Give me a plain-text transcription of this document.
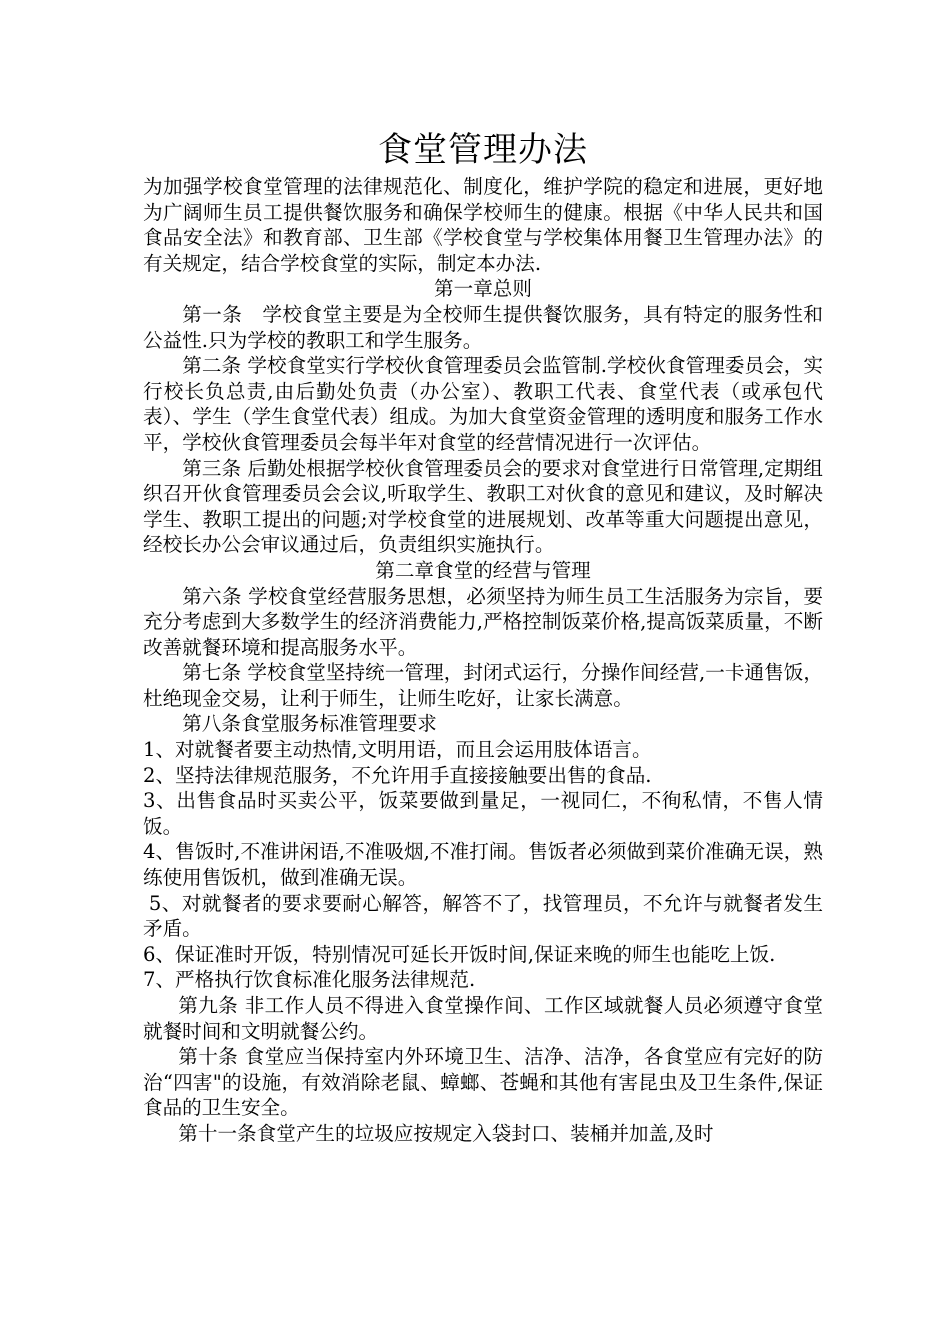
食堂管理办法

为加强学校食堂管理的法律规范化、制度化，维护学院的稳定和进展，更好地为广阔师生员工提供餐饮服务和确保学校师生的健康。根据《中华人民共和国食品安全法》和教育部、卫生部《学校食堂与学校集体用餐卫生管理办法》的有关规定，结合学校食堂的实际，制定本办法.

第一章总则

第一条　学校食堂主要是为全校师生提供餐饮服务，具有特定的服务性和公益性.只为学校的教职工和学生服务。

第二条 学校食堂实行学校伙食管理委员会监管制.学校伙食管理委员会，实行校长负总责,由后勤处负责（办公室）、教职工代表、食堂代表（或承包代表）、学生（学生食堂代表）组成。为加大食堂资金管理的透明度和服务工作水平，学校伙食管理委员会每半年对食堂的经营情况进行一次评估。

第三条 后勤处根据学校伙食管理委员会的要求对食堂进行日常管理,定期组织召开伙食管理委员会会议,听取学生、教职工对伙食的意见和建议，及时解决学生、教职工提出的问题;对学校食堂的进展规划、改革等重大问题提出意见，经校长办公会审议通过后，负责组织实施执行。

第二章食堂的经营与管理

第六条 学校食堂经营服务思想，必须坚持为师生员工生活服务为宗旨，要充分考虑到大多数学生的经济消费能力,严格控制饭菜价格,提高饭菜质量，不断改善就餐环境和提高服务水平。

第七条 学校食堂坚持统一管理，封闭式运行，分操作间经营,一卡通售饭，杜绝现金交易，让利于师生，让师生吃好，让家长满意。

第八条食堂服务标准管理要求

1、对就餐者要主动热情,文明用语，而且会运用肢体语言。

2、坚持法律规范服务，不允许用手直接接触要出售的食品.

3、出售食品时买卖公平，饭菜要做到量足，一视同仁，不徇私情，不售人情饭。

4、售饭时,不准讲闲语,不准吸烟,不准打闹。售饭者必须做到菜价准确无误，熟练使用售饭机，做到准确无误。

5、对就餐者的要求要耐心解答，解答不了，找管理员，不允许与就餐者发生矛盾。

6、保证准时开饭，特别情况可延长开饭时间,保证来晚的师生也能吃上饭.

7、严格执行饮食标准化服务法律规范.

第九条 非工作人员不得进入食堂操作间、工作区域就餐人员必须遵守食堂就餐时间和文明就餐公约。

第十条 食堂应当保持室内外环境卫生、洁净、洁净，各食堂应有完好的防治“四害"的设施，有效消除老鼠、蟑螂、苍蝇和其他有害昆虫及卫生条件,保证食品的卫生安全。

第十一条食堂产生的垃圾应按规定入袋封口、装桶并加盖,及时
